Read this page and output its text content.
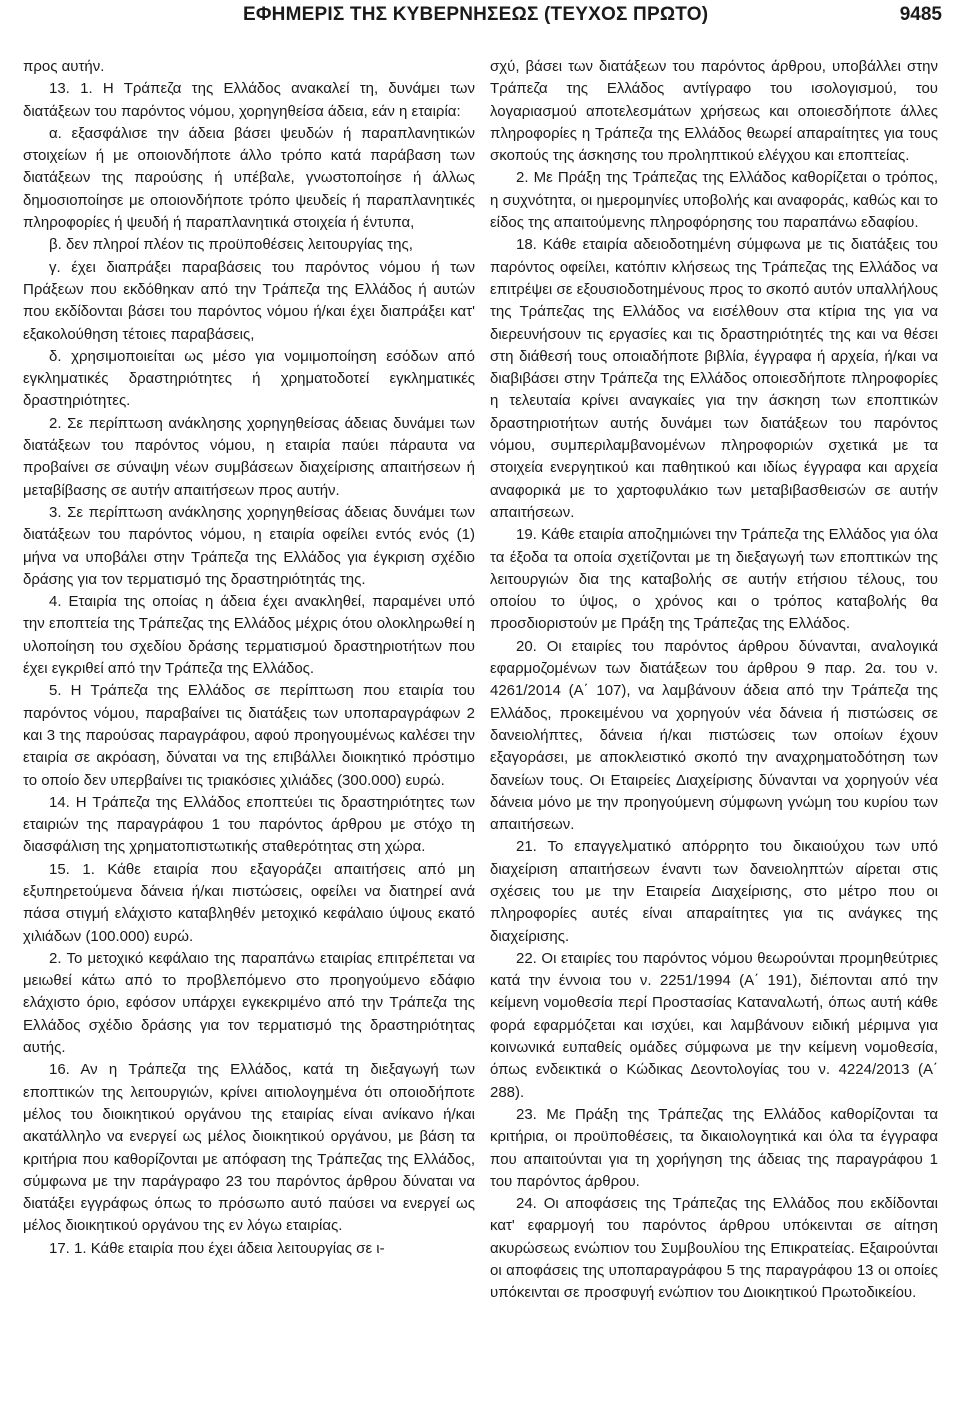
ΕΦΗΜΕΡΙΣ ΤΗΣ ΚΥΒΕΡΝΗΣΕΩΣ (ΤΕΥΧΟΣ ΠΡΩΤΟ)	9485

προς αυτήν.

13. 1. Η Τράπεζα της Ελλάδος ανακαλεί τη, δυνάμει των διατάξεων του παρόντος νόμου, χορηγηθείσα άδεια, εάν η εταιρία:

α. εξασφάλισε την άδεια βάσει ψευδών ή παραπλανητικών στοιχείων ή με οποιονδήποτε άλλο τρόπο κατά παράβαση των διατάξεων της παρούσης ή υπέβαλε, γνωστοποίησε ή άλλως δημοσιοποίησε με οποιονδήποτε τρόπο ψευδείς ή παραπλανητικές πληροφορίες ή ψευδή ή παραπλανητικά στοιχεία ή έντυπα,

β. δεν πληροί πλέον τις προϋποθέσεις λειτουργίας της,

γ. έχει διαπράξει παραβάσεις του παρόντος νόμου ή των Πράξεων που εκδόθηκαν από την Τράπεζα της Ελλάδος ή αυτών που εκδίδονται βάσει του παρόντος νόμου ή/και έχει διαπράξει κατ' εξακολούθηση τέτοιες παραβάσεις,

δ. χρησιμοποιείται ως μέσο για νομιμοποίηση εσόδων από εγκληματικές δραστηριότητες ή χρηματοδοτεί εγκληματικές δραστηριότητες.

2. Σε περίπτωση ανάκλησης χορηγηθείσας άδειας δυνάμει των διατάξεων του παρόντος νόμου, η εταιρία παύει πάραυτα να προβαίνει σε σύναψη νέων συμβάσεων διαχείρισης απαιτήσεων ή μεταβίβασης σε αυτήν απαιτήσεων προς αυτήν.

3. Σε περίπτωση ανάκλησης χορηγηθείσας άδειας δυνάμει των διατάξεων του παρόντος νόμου, η εταιρία οφείλει εντός ενός (1) μήνα να υποβάλει στην Τράπεζα της Ελλάδος για έγκριση σχέδιο δράσης για τον τερματισμό της δραστηριότητάς της.

4. Εταιρία της οποίας η άδεια έχει ανακληθεί, παραμένει υπό την εποπτεία της Τράπεζας της Ελλάδος μέχρις ότου ολοκληρωθεί η υλοποίηση του σχεδίου δράσης τερματισμού δραστηριοτήτων που έχει εγκριθεί από την Τράπεζα της Ελλάδος.

5. Η Τράπεζα της Ελλάδος σε περίπτωση που εταιρία του παρόντος νόμου, παραβαίνει τις διατάξεις των υποπαραγράφων 2 και 3 της παρούσας παραγράφου, αφού προηγουμένως καλέσει την εταιρία σε ακρόαση, δύναται να της επιβάλλει διοικητικό πρόστιμο το οποίο δεν υπερβαίνει τις τριακόσιες χιλιάδες (300.000) ευρώ.

14. Η Τράπεζα της Ελλάδος εποπτεύει τις δραστηριότητες των εταιριών της παραγράφου 1 του παρόντος άρθρου με στόχο τη διασφάλιση της χρηματοπιστωτικής σταθερότητας στη χώρα.

15. 1. Κάθε εταιρία που εξαγοράζει απαιτήσεις από μη εξυπηρετούμενα δάνεια ή/και πιστώσεις, οφείλει να διατηρεί ανά πάσα στιγμή ελάχιστο καταβληθέν μετοχικό κεφάλαιο ύψους εκατό χιλιάδων (100.000) ευρώ.

2. Το μετοχικό κεφάλαιο της παραπάνω εταιρίας επιτρέπεται να μειωθεί κάτω από το προβλεπόμενο στο προηγούμενο εδάφιο ελάχιστο όριο, εφόσον υπάρχει εγκεκριμένο από την Τράπεζα της Ελλάδος σχέδιο δράσης για τον τερματισμό της δραστηριότητας αυτής.

16. Αν η Τράπεζα της Ελλάδος, κατά τη διεξαγωγή των εποπτικών της λειτουργιών, κρίνει αιτιολογημένα ότι οποιοδήποτε μέλος του διοικητικού οργάνου της εταιρίας είναι ανίκανο ή/και ακατάλληλο να ενεργεί ως μέλος διοικητικού οργάνου, με βάση τα κριτήρια που καθορίζονται με απόφαση της Τράπεζας της Ελλάδος, σύμφωνα με την παράγραφο 23 του παρόντος άρθρου δύναται να διατάξει εγγράφως όπως το πρόσωπο αυτό παύσει να ενεργεί ως μέλος διοικητικού οργάνου της εν λόγω εταιρίας.

17. 1. Κάθε εταιρία που έχει άδεια λειτουργίας σε ι-

σχύ, βάσει των διατάξεων του παρόντος άρθρου, υποβάλλει στην Τράπεζα της Ελλάδος αντίγραφο του ισολογισμού, του λογαριασμού αποτελεσμάτων χρήσεως και οποιεσδήποτε άλλες πληροφορίες η Τράπεζα της Ελλάδος θεωρεί απαραίτητες για τους σκοπούς της άσκησης του προληπτικού ελέγχου και εποπτείας.

2. Με Πράξη της Τράπεζας της Ελλάδος καθορίζεται ο τρόπος, η συχνότητα, οι ημερομηνίες υποβολής και αναφοράς, καθώς και το είδος της απαιτούμενης πληροφόρησης του παραπάνω εδαφίου.

18. Κάθε εταιρία αδειοδοτημένη σύμφωνα με τις διατάξεις του παρόντος οφείλει, κατόπιν κλήσεως της Τράπεζας της Ελλάδος να επιτρέψει σε εξουσιοδοτημένους προς το σκοπό αυτόν υπαλλήλους της Τράπεζας της Ελλάδος να εισέλθουν στα κτίρια της για να διερευνήσουν τις εργασίες και τις δραστηριότητές της και να θέσει στη διάθεσή τους οποιαδήποτε βιβλία, έγγραφα ή αρχεία, ή/και να διαβιβάσει στην Τράπεζα της Ελλάδος οποιεσδήποτε πληροφορίες η τελευταία κρίνει αναγκαίες για την άσκηση των εποπτικών δραστηριοτήτων αυτής δυνάμει των διατάξεων του παρόντος νόμου, συμπεριλαμβανομένων πληροφοριών σχετικά με τα στοιχεία ενεργητικού και παθητικού και ιδίως έγγραφα και αρχεία αναφορικά με το χαρτοφυλάκιο των μεταβιβασθεισών σε αυτήν απαιτήσεων.

19. Κάθε εταιρία αποζημιώνει την Τράπεζα της Ελλάδος για όλα τα έξοδα τα οποία σχετίζονται με τη διεξαγωγή των εποπτικών της λειτουργιών δια της καταβολής σε αυτήν ετήσιου τέλους, του οποίου το ύψος, ο χρόνος και ο τρόπος καταβολής θα προσδιοριστούν με Πράξη της Τράπεζας της Ελλάδος.

20. Οι εταιρίες του παρόντος άρθρου δύνανται, αναλογικά εφαρμοζομένων των διατάξεων του άρθρου 9 παρ. 2α. του ν. 4261/2014 (Α΄ 107), να λαμβάνουν άδεια από την Τράπεζα της Ελλάδος, προκειμένου να χορηγούν νέα δάνεια ή πιστώσεις σε δανειολήπτες, δάνεια ή/και πιστώσεις των οποίων έχουν εξαγοράσει, με αποκλειστικό σκοπό την αναχρηματοδότηση των δανείων τους. Οι Εταιρείες Διαχείρισης δύνανται να χορηγούν νέα δάνεια μόνο με την προηγούμενη σύμφωνη γνώμη του κυρίου των απαιτήσεων.

21. Το επαγγελματικό απόρρητο του δικαιούχου των υπό διαχείριση απαιτήσεων έναντι των δανειοληπτών αίρεται στις σχέσεις του με την Εταιρεία Διαχείρισης, στο μέτρο που οι πληροφορίες αυτές είναι απαραίτητες για τις ανάγκες της διαχείρισης.

22. Οι εταιρίες του παρόντος νόμου θεωρούνται προμηθεύτριες κατά την έννοια του ν. 2251/1994 (Α΄ 191), διέπονται από την κείμενη νομοθεσία περί Προστασίας Καταναλωτή, όπως αυτή κάθε φορά εφαρμόζεται και ισχύει, και λαμβάνουν ειδική μέριμνα για κοινωνικά ευπαθείς ομάδες σύμφωνα με την κείμενη νομοθεσία, όπως ενδεικτικά ο Κώδικας Δεοντολογίας του ν. 4224/2013 (Α΄ 288).

23. Με Πράξη της Τράπεζας της Ελλάδος καθορίζονται τα κριτήρια, οι προϋποθέσεις, τα δικαιολογητικά και όλα τα έγγραφα που απαιτούνται για τη χορήγηση της άδειας της παραγράφου 1 του παρόντος άρθρου.

24. Οι αποφάσεις της Τράπεζας της Ελλάδος που εκδίδονται κατ' εφαρμογή του παρόντος άρθρου υπόκεινται σε αίτηση ακυρώσεως ενώπιον του Συμβουλίου της Επικρατείας. Εξαιρούνται οι αποφάσεις της υποπαραγράφου 5 της παραγράφου 13 οι οποίες υπόκεινται σε προσφυγή ενώπιον του Διοικητικού Πρωτοδικείου.
